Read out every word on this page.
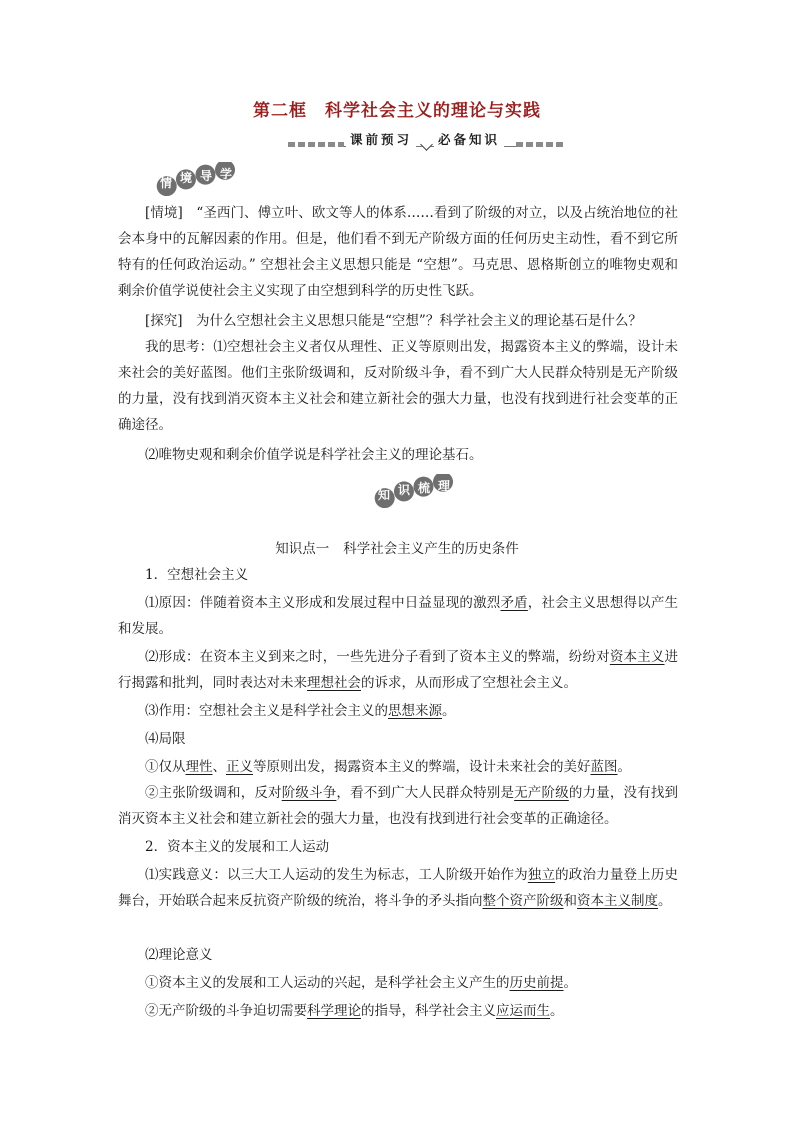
第二框 科学社会主义的理论与实践
课前预习	必备知识
情 境 导 学

[情境]　“圣西门、傅立叶、欧文等人的体系……看到了阶级的对立，以及占统治地位的社会本身中的瓦解因素的作用。但是，他们看不到无产阶级方面的任何历史主动性，看不到它所特有的任何政治运动。” 空想社会主义思想只能是 “空想”。马克思、恩格斯创立的唯物史观和剩余价值学说使社会主义实现了由空想到科学的历史性飞跃。

[探究]　为什么空想社会主义思想只能是“空想”？科学社会主义的理论基石是什么？

我的思考：⑴空想社会主义者仅从理性、正义等原则出发，揭露资本主义的弊端，设计未来社会的美好蓝图。他们主张阶级调和，反对阶级斗争，看不到广大人民群众特别是无产阶级的力量，没有找到消灭资本主义社会和建立新社会的强大力量，也没有找到进行社会变革的正确途径。

⑵唯物史观和剩余价值学说是科学社会主义的理论基石。

知 识 梳 理
知识点一 科学社会主义产生的历史条件

1．空想社会主义

⑴原因：伴随着资本主义形成和发展过程中日益显现的激烈矛盾，社会主义思想得以产生和发展。

⑵形成：在资本主义到来之时，一些先进分子看到了资本主义的弊端，纷纷对资本主义进行揭露和批判，同时表达对未来理想社会的诉求，从而形成了空想社会主义。

⑶作用：空想社会主义是科学社会主义的思想来源。

⑷局限

①仅从理性、正义等原则出发，揭露资本主义的弊端，设计未来社会的美好蓝图。

②主张阶级调和，反对阶级斗争，看不到广大人民群众特别是无产阶级的力量，没有找到消灭资本主义社会和建立新社会的强大力量，也没有找到进行社会变革的正确途径。

2．资本主义的发展和工人运动

⑴实践意义：以三大工人运动的发生为标志，工人阶级开始作为独立的政治力量登上历史舞台，开始联合起来反抗资产阶级的统治，将斗争的矛头指向整个资产阶级和资本主义制度。

⑵理论意义

①资本主义的发展和工人运动的兴起，是科学社会主义产生的历史前提。

②无产阶级的斗争迫切需要科学理论的指导，科学社会主义应运而生。
